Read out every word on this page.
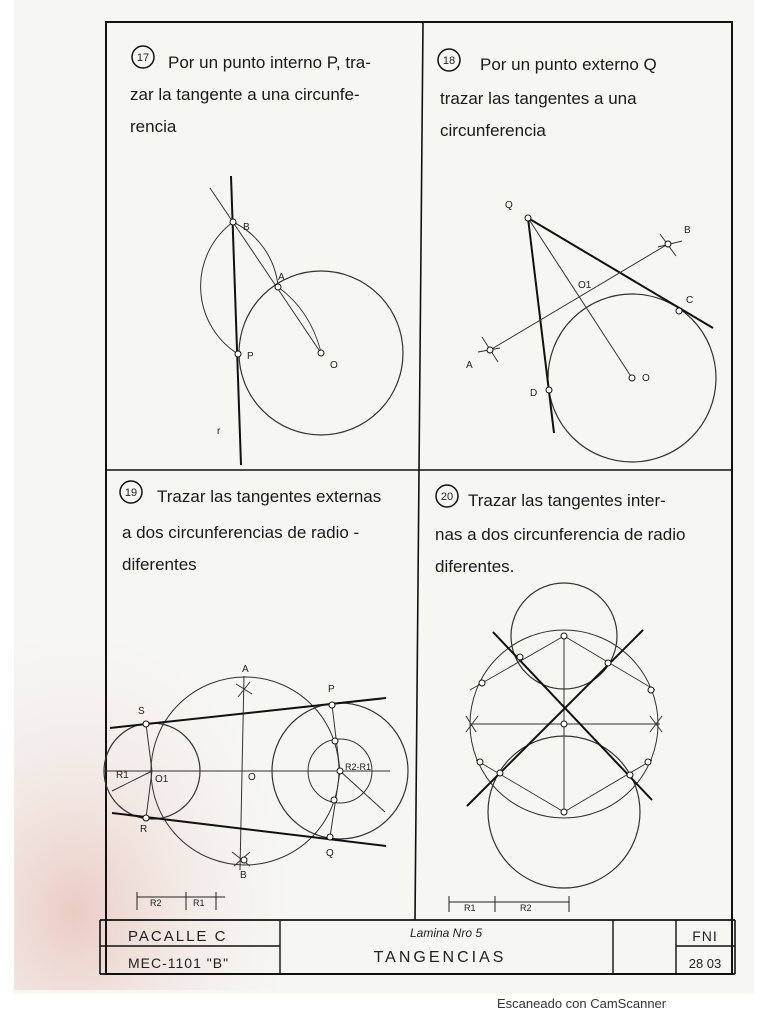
17 Por un punto interno P, tra-
zar la tangente a una circunfe-
rencia
B
A
P
O
r
18 Por un punto externo Q
trazar las tangentes a una
circunferencia
Q
B
C
O1
A
D
O
19 Trazar las tangentes externas
a dos circunferencias de radio -
diferentes
A
S
P
R1	O1	O
R2-R1
R
Q
B
R2	R1
20 Trazar las tangentes inter-
nas a dos circunferencia de radio
diferentes.
R1	R2
PACALLE C
MEC-1101 "B"
Lamina Nro 5
TANGENCIAS
FNI
28 03
Escaneado con CamScanner
